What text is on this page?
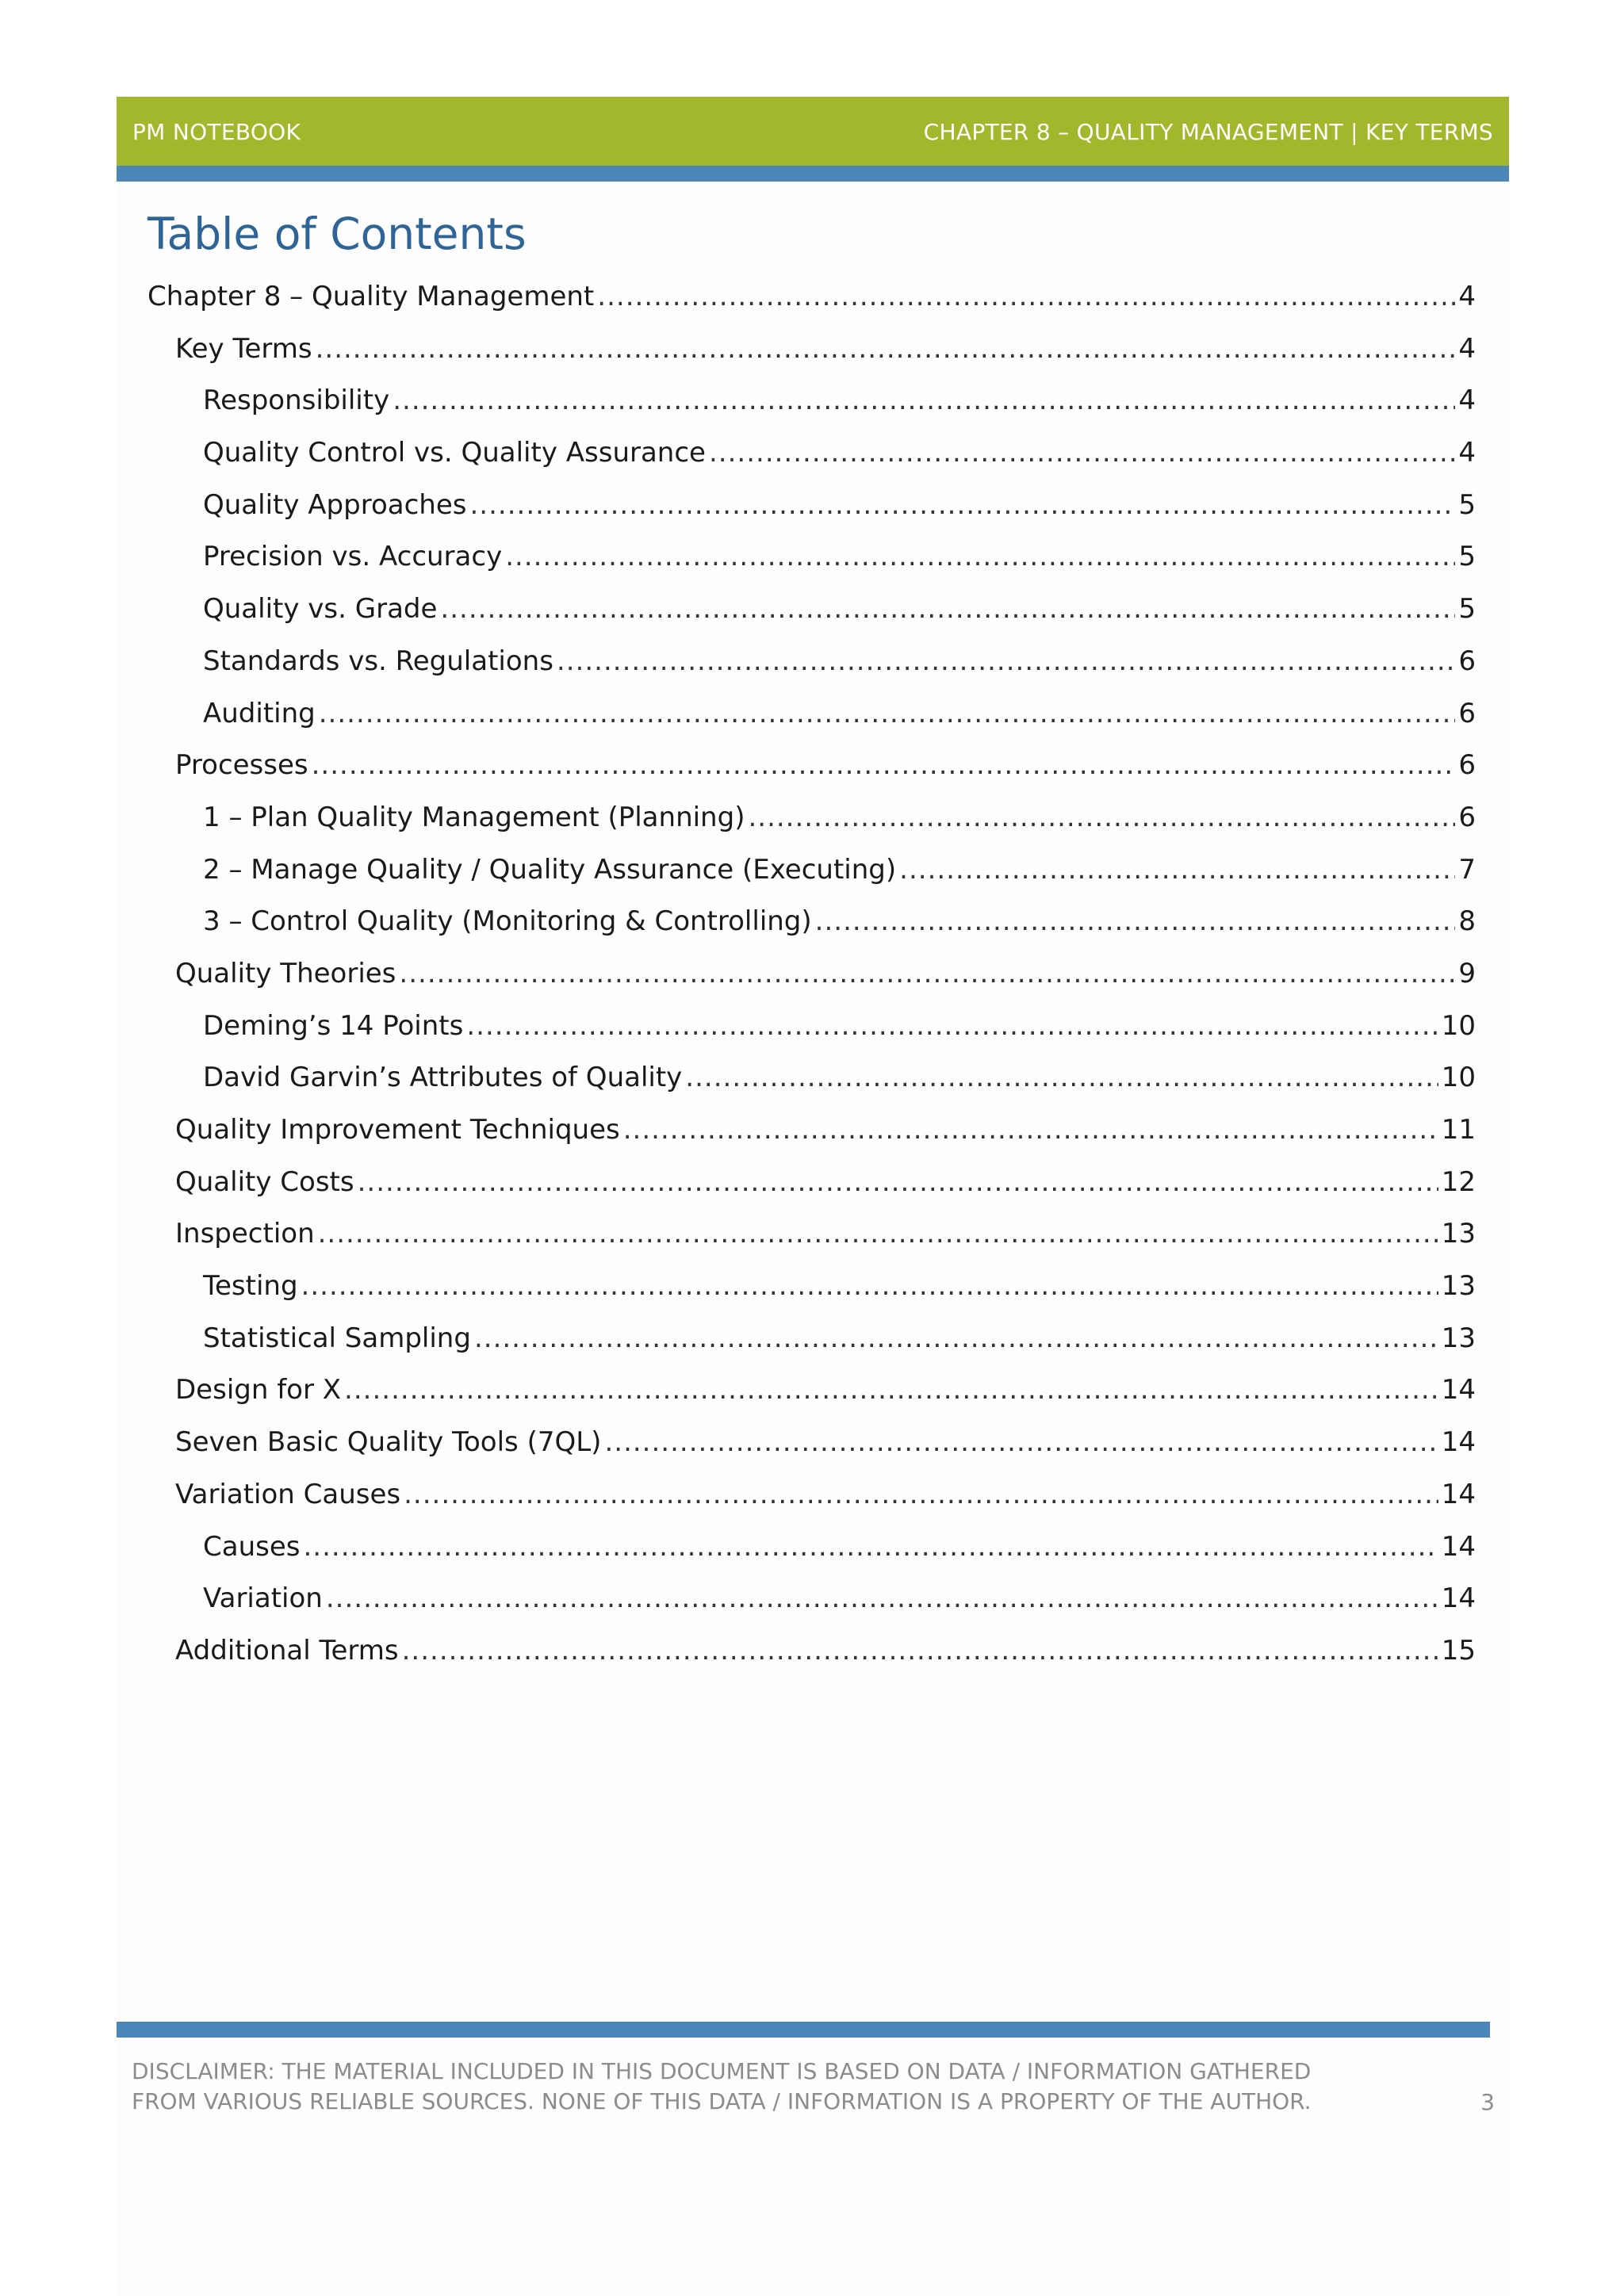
PM NOTEBOOK	CHAPTER 8 – QUALITY MANAGEMENT | KEY TERMS
Table of Contents
Chapter 8 – Quality Management .....	4
Key Terms .....	4
Responsibility .....	4
Quality Control vs. Quality Assurance .....	4
Quality Approaches .....	5
Precision vs. Accuracy .....	5
Quality vs. Grade .....	5
Standards vs. Regulations .....	6
Auditing .....	6
Processes .....	6
1 – Plan Quality Management (Planning) .....	6
2 – Manage Quality / Quality Assurance (Executing) .....	7
3 – Control Quality (Monitoring & Controlling) .....	8
Quality Theories .....	9
Deming’s 14 Points .....	10
David Garvin’s Attributes of Quality .....	10
Quality Improvement Techniques .....	11
Quality Costs .....	12
Inspection .....	13
Testing .....	13
Statistical Sampling .....	13
Design for X .....	14
Seven Basic Quality Tools (7QL) .....	14
Variation Causes .....	14
Causes .....	14
Variation .....	14
Additional Terms .....	15

DISCLAIMER: THE MATERIAL INCLUDED IN THIS DOCUMENT IS BASED ON DATA / INFORMATION GATHERED FROM VARIOUS RELIABLE SOURCES. NONE OF THIS DATA / INFORMATION IS A PROPERTY OF THE AUTHOR.	3
